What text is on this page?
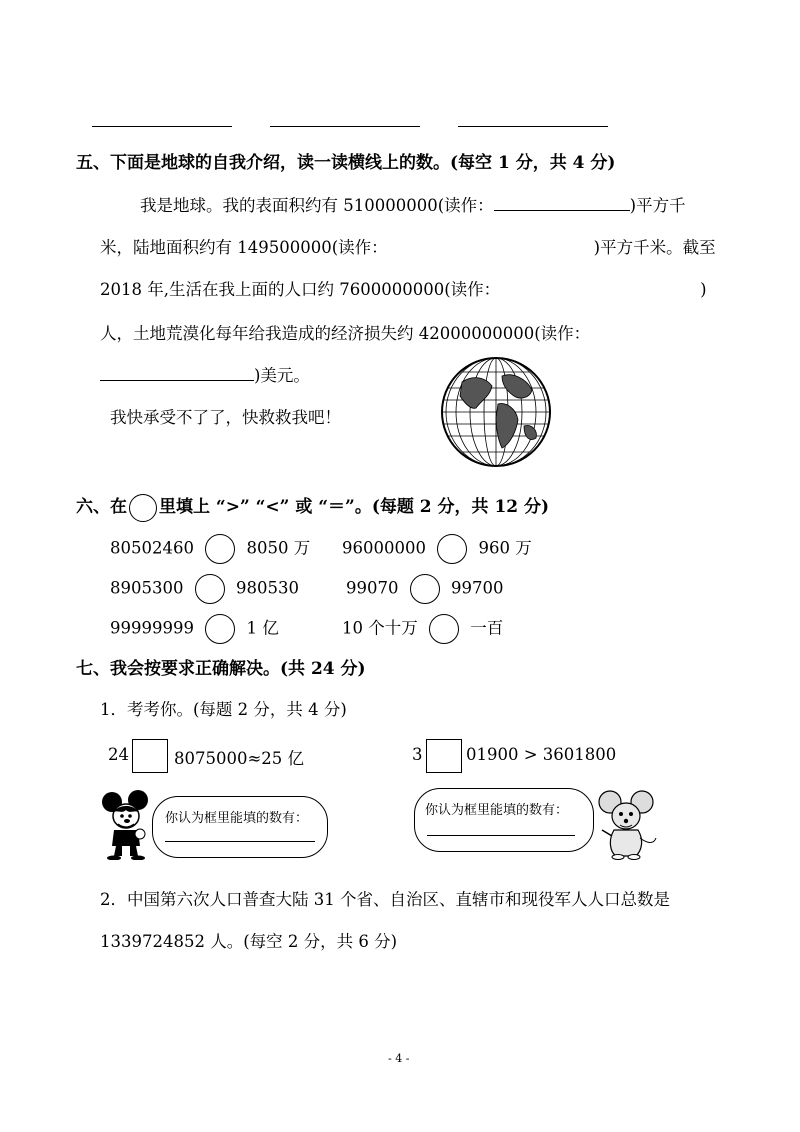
五、下面是地球的自我介绍，读一读横线上的数。(每空 1 分，共 4 分)
我是地球。我的表面积约有 510000000(读作：	)平方千
米，陆地面积约有 149500000(读作：	)平方千米。截至
2018 年,生活在我上面的人口约 7600000000(读作：	)
人，土地荒漠化每年给我造成的经济损失约 42000000000(读作：
)美元。
我快承受不了了，快救救我吧！
六、在 里填上 “>” “<” 或 “＝”。(每题 2 分，共 12 分)
80502460	8050 万 96000000	960 万
8905300	980530	99070	99700
99999999	1 亿	10 个十万	一百
七、我会按要求正确解决。(共 24 分)
1．考考你。(每题 2 分，共 4 分)
24	8075000≈25 亿	3	01900 > 3601800
你认为框里能填的数有：
你认为框里能填的数有：
2．中国第六次人口普查大陆 31 个省、自治区、直辖市和现役军人人口总数是
1339724852 人。(每空 2 分，共 6 分)
- 4 -
